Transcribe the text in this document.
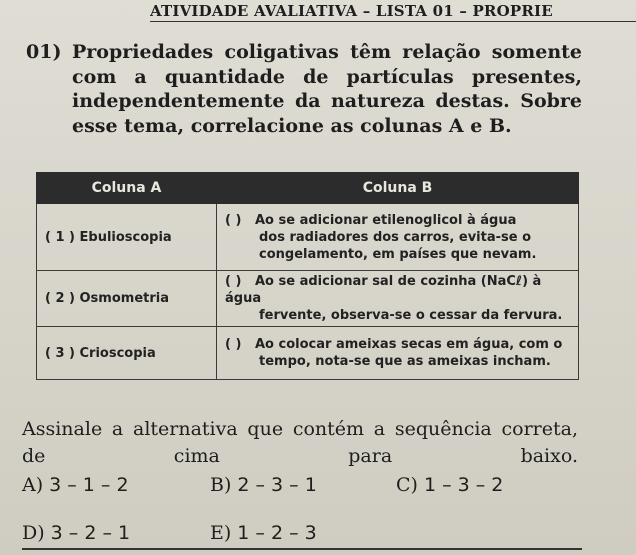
ATIVIDADE AVALIATIVA – LISTA 01 – PROPRIE
01) Propriedades coligativas têm relação somente com a quantidade de partículas presentes, independentemente da natureza destas. Sobre esse tema, correlacione as colunas A e B.
Coluna A	Coluna B
( 1 ) Ebulioscopia	( ) Ao se adicionar etilenoglicol à água
dos radiadores dos carros, evita-se o congelamento, em países que nevam.

( 2 ) Osmometria	( ) Ao se adicionar sal de cozinha (NaCℓ) à água
fervente, observa-se o cessar da fervura.

( 3 ) Crioscopia	( ) Ao colocar ameixas secas em água, com o
tempo, nota-se que as ameixas incham.
Assinale a alternativa que contém a sequência correta, de cima para baixo.
A) 3 – 1 – 2	B) 2 – 3 – 1	C) 1 – 3 – 2
D) 3 – 2 – 1	E) 1 – 2 – 3
